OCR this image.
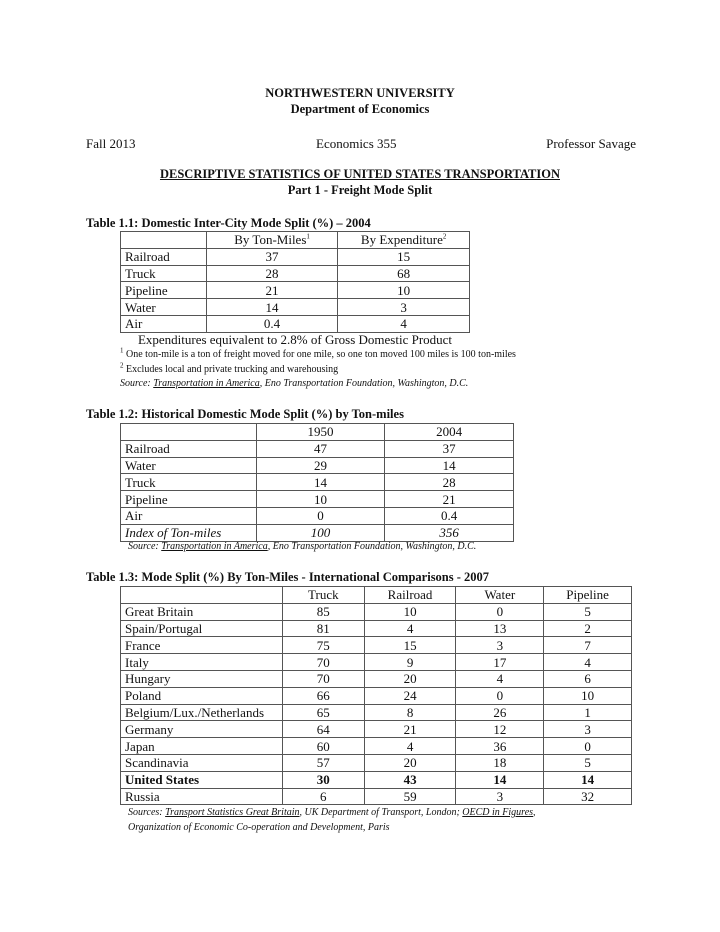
NORTHWESTERN UNIVERSITY
Department of Economics
Fall 2013	Economics 355	Professor Savage
DESCRIPTIVE STATISTICS OF UNITED STATES TRANSPORTATION
Part 1 - Freight Mode Split
Table 1.1: Domestic Inter-City Mode Split (%) – 2004
	By Ton-Miles$^1$	By Expenditure$^2$
Railroad	37	15
Truck	28	68
Pipeline	21	10
Water	14	3
Air	0.4	4
Expenditures equivalent to 2.8% of Gross Domestic Product
$^1$ One ton-mile is a ton of freight moved for one mile, so one ton moved 100 miles is 100 ton-miles
$^2$ Excludes local and private trucking and warehousing
Source: Transportation in America, Eno Transportation Foundation, Washington, D.C.
Table 1.2: Historical Domestic Mode Split (%) by Ton-miles
	1950	2004
Railroad	47	37
Water	29	14
Truck	14	28
Pipeline	10	21
Air	0	0.4
Index of Ton-miles	100	356
Source: Transportation in America, Eno Transportation Foundation, Washington, D.C.
Table 1.3: Mode Split (%) By Ton-Miles - International Comparisons - 2007
	Truck	Railroad	Water	Pipeline
Great Britain	85	10	0	5
Spain/Portugal	81	4	13	2
France	75	15	3	7
Italy	70	9	17	4
Hungary	70	20	4	6
Poland	66	24	0	10
Belgium/Lux./Netherlands	65	8	26	1
Germany	64	21	12	3
Japan	60	4	36	0
Scandinavia	57	20	18	5
United States	30	43	14	14
Russia	6	59	3	32
Sources: Transport Statistics Great Britain, UK Department of Transport, London; OECD in Figures,
Organization of Economic Co-operation and Development, Paris
